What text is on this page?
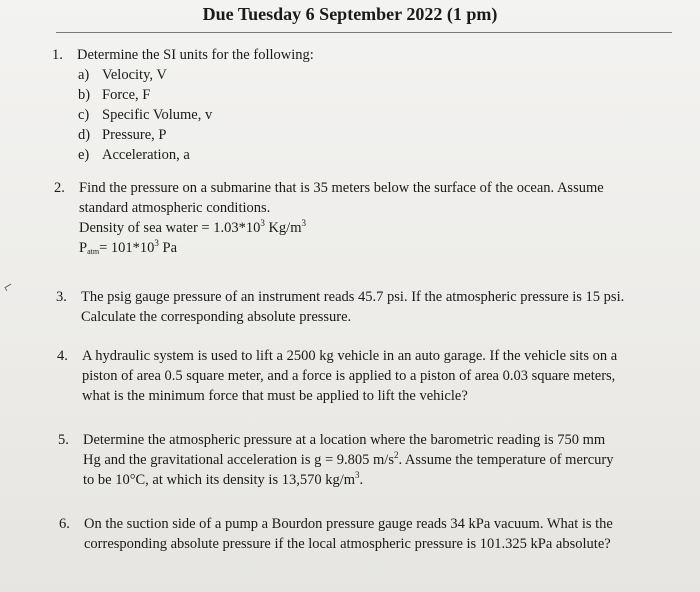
Due Tuesday 6 September 2022 (1 pm)
⌐
1. Determine the SI units for the following:
a) Velocity, V
b) Force, F
c) Specific Volume, v
d) Pressure, P
e) Acceleration, a
2. Find the pressure on a submarine that is 35 meters below the surface of the ocean. Assume
standard atmospheric conditions.
Density of sea water = $1.03*10^3$ $Kg/m^3$
Patm= $101*10^3$ Pa
3. The psig gauge pressure of an instrument reads 45.7 psi. If the atmospheric pressure is 15 psi.
Calculate the corresponding absolute pressure.
4. A hydraulic system is used to lift a 2500 kg vehicle in an auto garage. If the vehicle sits on a
piston of area 0.5 square meter, and a force is applied to a piston of area 0.03 square meters,
what is the minimum force that must be applied to lift the vehicle?
5. Determine the atmospheric pressure at a location where the barometric reading is 750 mm
Hg and the gravitational acceleration is g = 9.805 $m/s^2$. Assume the temperature of mercury
to be 10°C, at which its density is 13,570 $kg/m^3$.
6. On the suction side of a pump a Bourdon pressure gauge reads 34 kPa vacuum. What is the
corresponding absolute pressure if the local atmospheric pressure is 101.325 kPa absolute?
